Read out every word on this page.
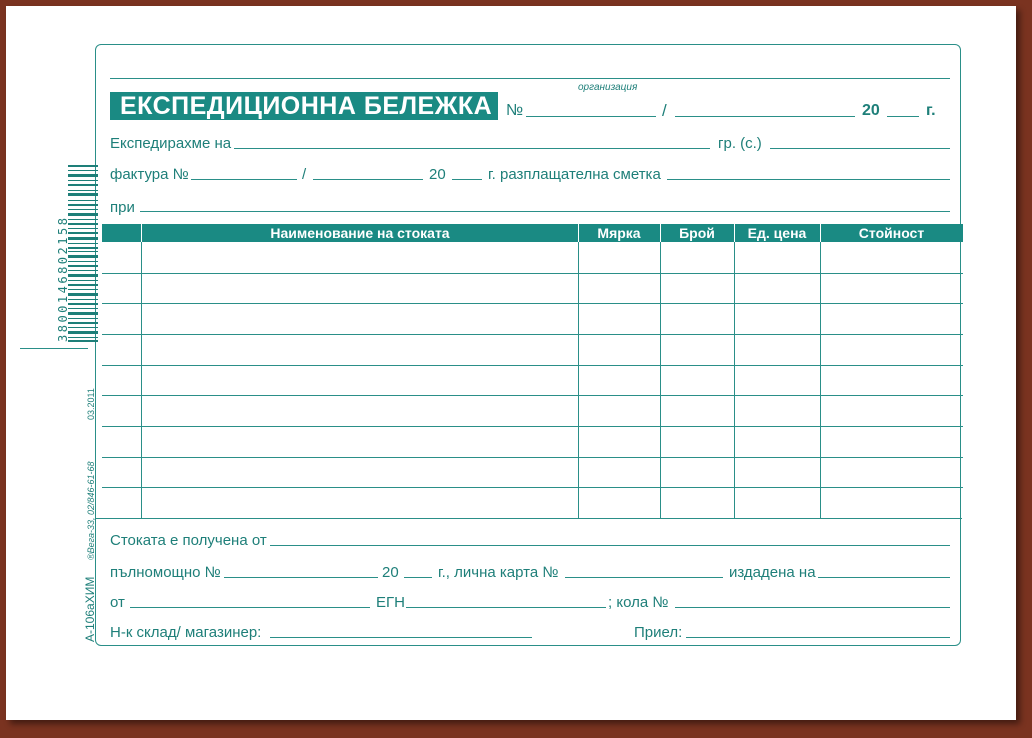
организация
ЕКСПЕДИЦИОННА БЕЛЕЖКА №	/	20	г.
Експедирахме на	гр. (с.)
фактура №	/	20	г. разплащателна сметка
при
Наименование на стоката	Мярка	Брой	Ед. цена	Стойност
Стоката е получена от
пълномощно №	20	г., лична карта №	издадена на
от	ЕГН	; кола №
Н-к склад/ магазинер:	Приел:
3800146802158
03.2011
®Вега-33, 02/846-61-68
А-106аХИМ
